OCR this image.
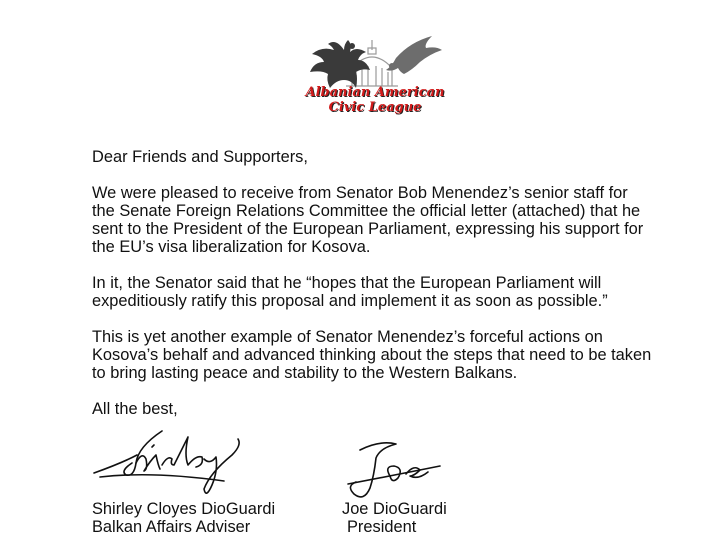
Albanian American
Civic League

Dear Friends and Supporters,

We were pleased to receive from Senator Bob Menendez’s senior staff for the Senate Foreign Relations Committee the official letter (attached) that he sent to the President of the European Parliament, expressing his support for the EU’s visa liberalization for Kosova.

In it, the Senator said that he “hopes that the European Parliament will expeditiously ratify this proposal and implement it as soon as possible.”

This is yet another example of Senator Menendez’s forceful actions on Kosova’s behalf and advanced thinking about the steps that need to be taken to bring lasting peace and stability to the Western Balkans.

All the best,

Shirley Cloyes DioGuardi
Balkan Affairs Adviser
Joe DioGuardi
President
